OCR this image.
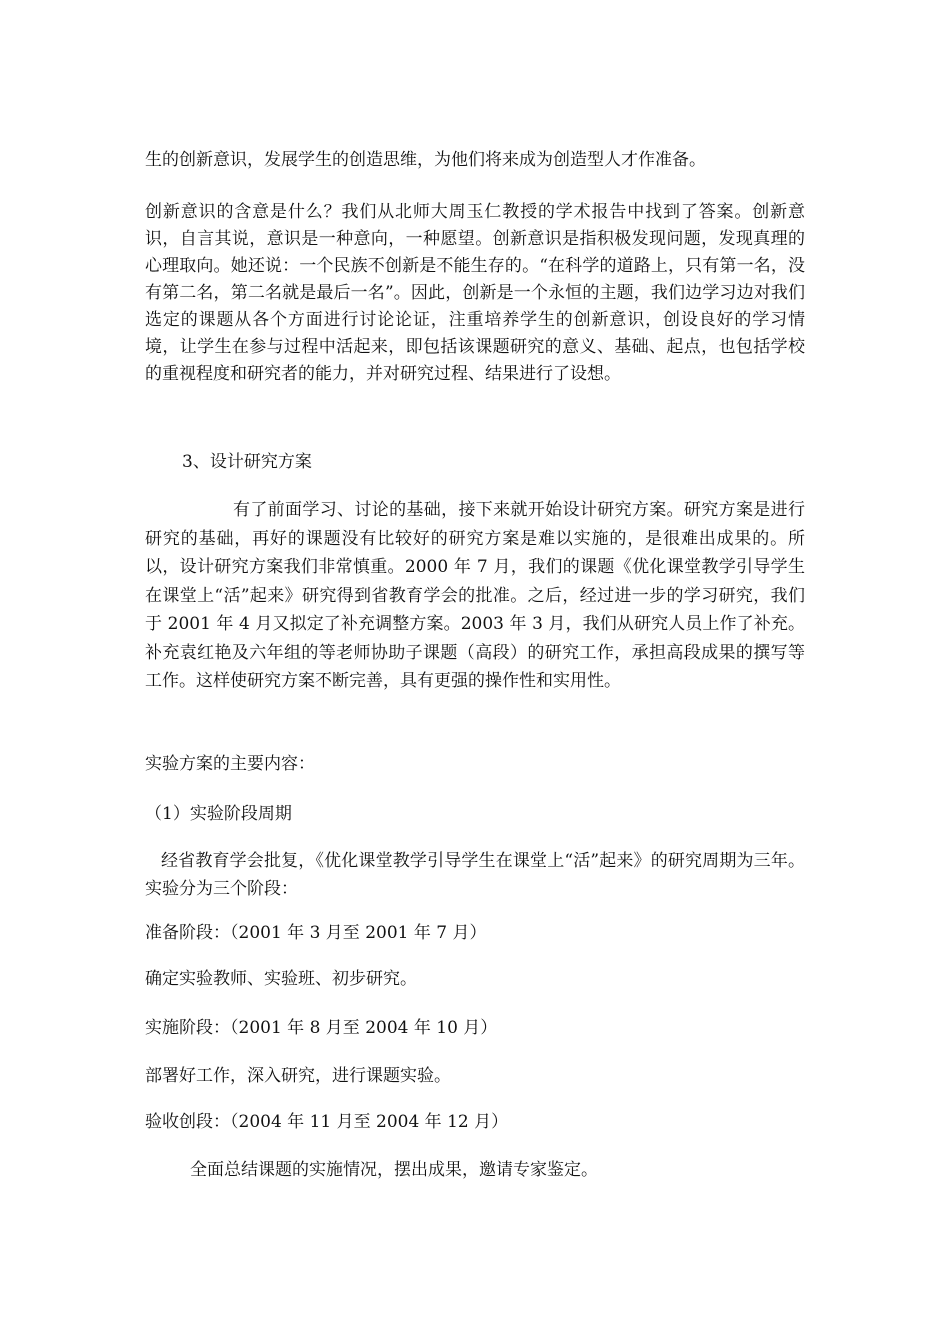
生的创新意识，发展学生的创造思维，为他们将来成为创造型人才作准备。

创新意识的含意是什么？我们从北师大周玉仁教授的学术报告中找到了答案。创新意识，自言其说，意识是一种意向，一种愿望。创新意识是指积极发现问题，发现真理的心理取向。她还说：一个民族不创新是不能生存的。“在科学的道路上，只有第一名，没有第二名，第二名就是最后一名”。因此，创新是一个永恒的主题，我们边学习边对我们选定的课题从各个方面进行讨论论证，注重培养学生的创新意识，创设良好的学习情境，让学生在参与过程中活起来，即包括该课题研究的意义、基础、起点，也包括学校的重视程度和研究者的能力，并对研究过程、结果进行了设想。

3、设计研究方案

有了前面学习、讨论的基础，接下来就开始设计研究方案。研究方案是进行研究的基础，再好的课题没有比较好的研究方案是难以实施的，是很难出成果的。所以，设计研究方案我们非常慎重。2000 年 7 月，我们的课题《优化课堂教学引导学生在课堂上“活”起来》研究得到省教育学会的批准。之后，经过进一步的学习研究，我们于 2001 年 4 月又拟定了补充调整方案。2003 年 3 月，我们从研究人员上作了补充。补充袁红艳及六年组的等老师协助子课题（高段）的研究工作，承担高段成果的撰写等工作。这样使研究方案不断完善，具有更强的操作性和实用性。

实验方案的主要内容：

（1）实验阶段周期

经省教育学会批复，《优化课堂教学引导学生在课堂上“活”起来》的研究周期为三年。实验分为三个阶段：

准备阶段：（2001 年 3 月至 2001 年 7 月）

确定实验教师、实验班、初步研究。

实施阶段：（2001 年 8 月至 2004 年 10 月）

部署好工作，深入研究，进行课题实验。

验收创段：（2004 年 11 月至 2004 年 12 月）

全面总结课题的实施情况，摆出成果，邀请专家鉴定。
